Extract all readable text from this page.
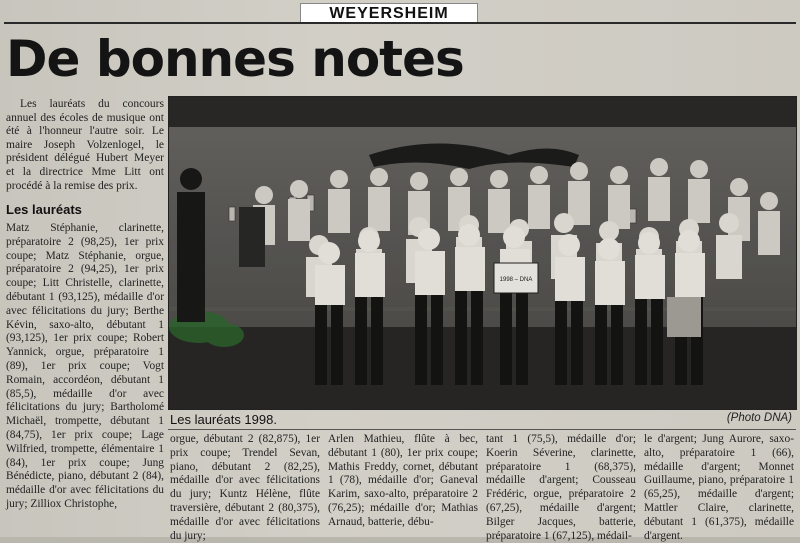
WEYERSHEIM
De bonnes notes

Les lauréats du concours annuel des écoles de musique ont été à l'honneur l'autre soir. Le maire Joseph Volzenlogel, le président délégué Hubert Meyer et la directrice Mme Litt ont procédé à la remise des prix.

Les lauréats

Matz Stéphanie, clarinette, préparatoire 2 (98,25), 1er prix coupe; Matz Stéphanie, orgue, préparatoire 2 (94,25), 1er prix coupe; Litt Christelle, clarinette, débutant 1 (93,125), médaille d'or avec félicitations du jury; Berthe Kévin, saxo-alto, débutant 1 (93,125), 1er prix coupe; Robert Yannick, orgue, préparatoire 1 (89), 1er prix coupe; Vogt Romain, accordéon, débutant 1 (85,5), médaille d'or avec félicitations du jury; Bartholomé Michaël, trompette, débutant 1 (84,75), 1er prix coupe; Lage Wilfried, trompette, élémentaire 1 (84), 1er prix coupe; Jung Bénédicte, piano, débutant 2 (84), médaille d'or avec félicitations du jury; Zilliox Christophe,

1998 – DNA
Les lauréats 1998.	(Photo DNA)

orgue, débutant 2 (82,875), 1er prix coupe; Trendel Sevan, piano, débutant 2 (82,25), médaille d'or avec félicitations du jury; Kuntz Hélène, flûte traversière, débutant 2 (80,375), médaille d'or avec félicitations du jury;

Arlen Mathieu, flûte à bec, débutant 1 (80), 1er prix coupe; Mathis Freddy, cornet, débutant 1 (78), médaille d'or; Ganeval Karim, saxo-alto, préparatoire 2 (76,25); médaille d'or; Mathias Arnaud, batterie, débu-

tant 1 (75,5), médaille d'or; Koerin Séverine, clarinette, préparatoire 1 (68,375), médaille d'argent; Cousseau Frédéric, orgue, préparatoire 2 (67,25), médaille d'argent; Bilger Jacques, batterie, préparatoire 1 (67,125), médail-

le d'argent; Jung Aurore, saxo-alto, préparatoire 1 (66), médaille d'argent; Monnet Guillaume, piano, préparatoire 1 (65,25), médaille d'argent; Mattler Claire, clarinette, débutant 1 (61,375), médaille d'argent.
